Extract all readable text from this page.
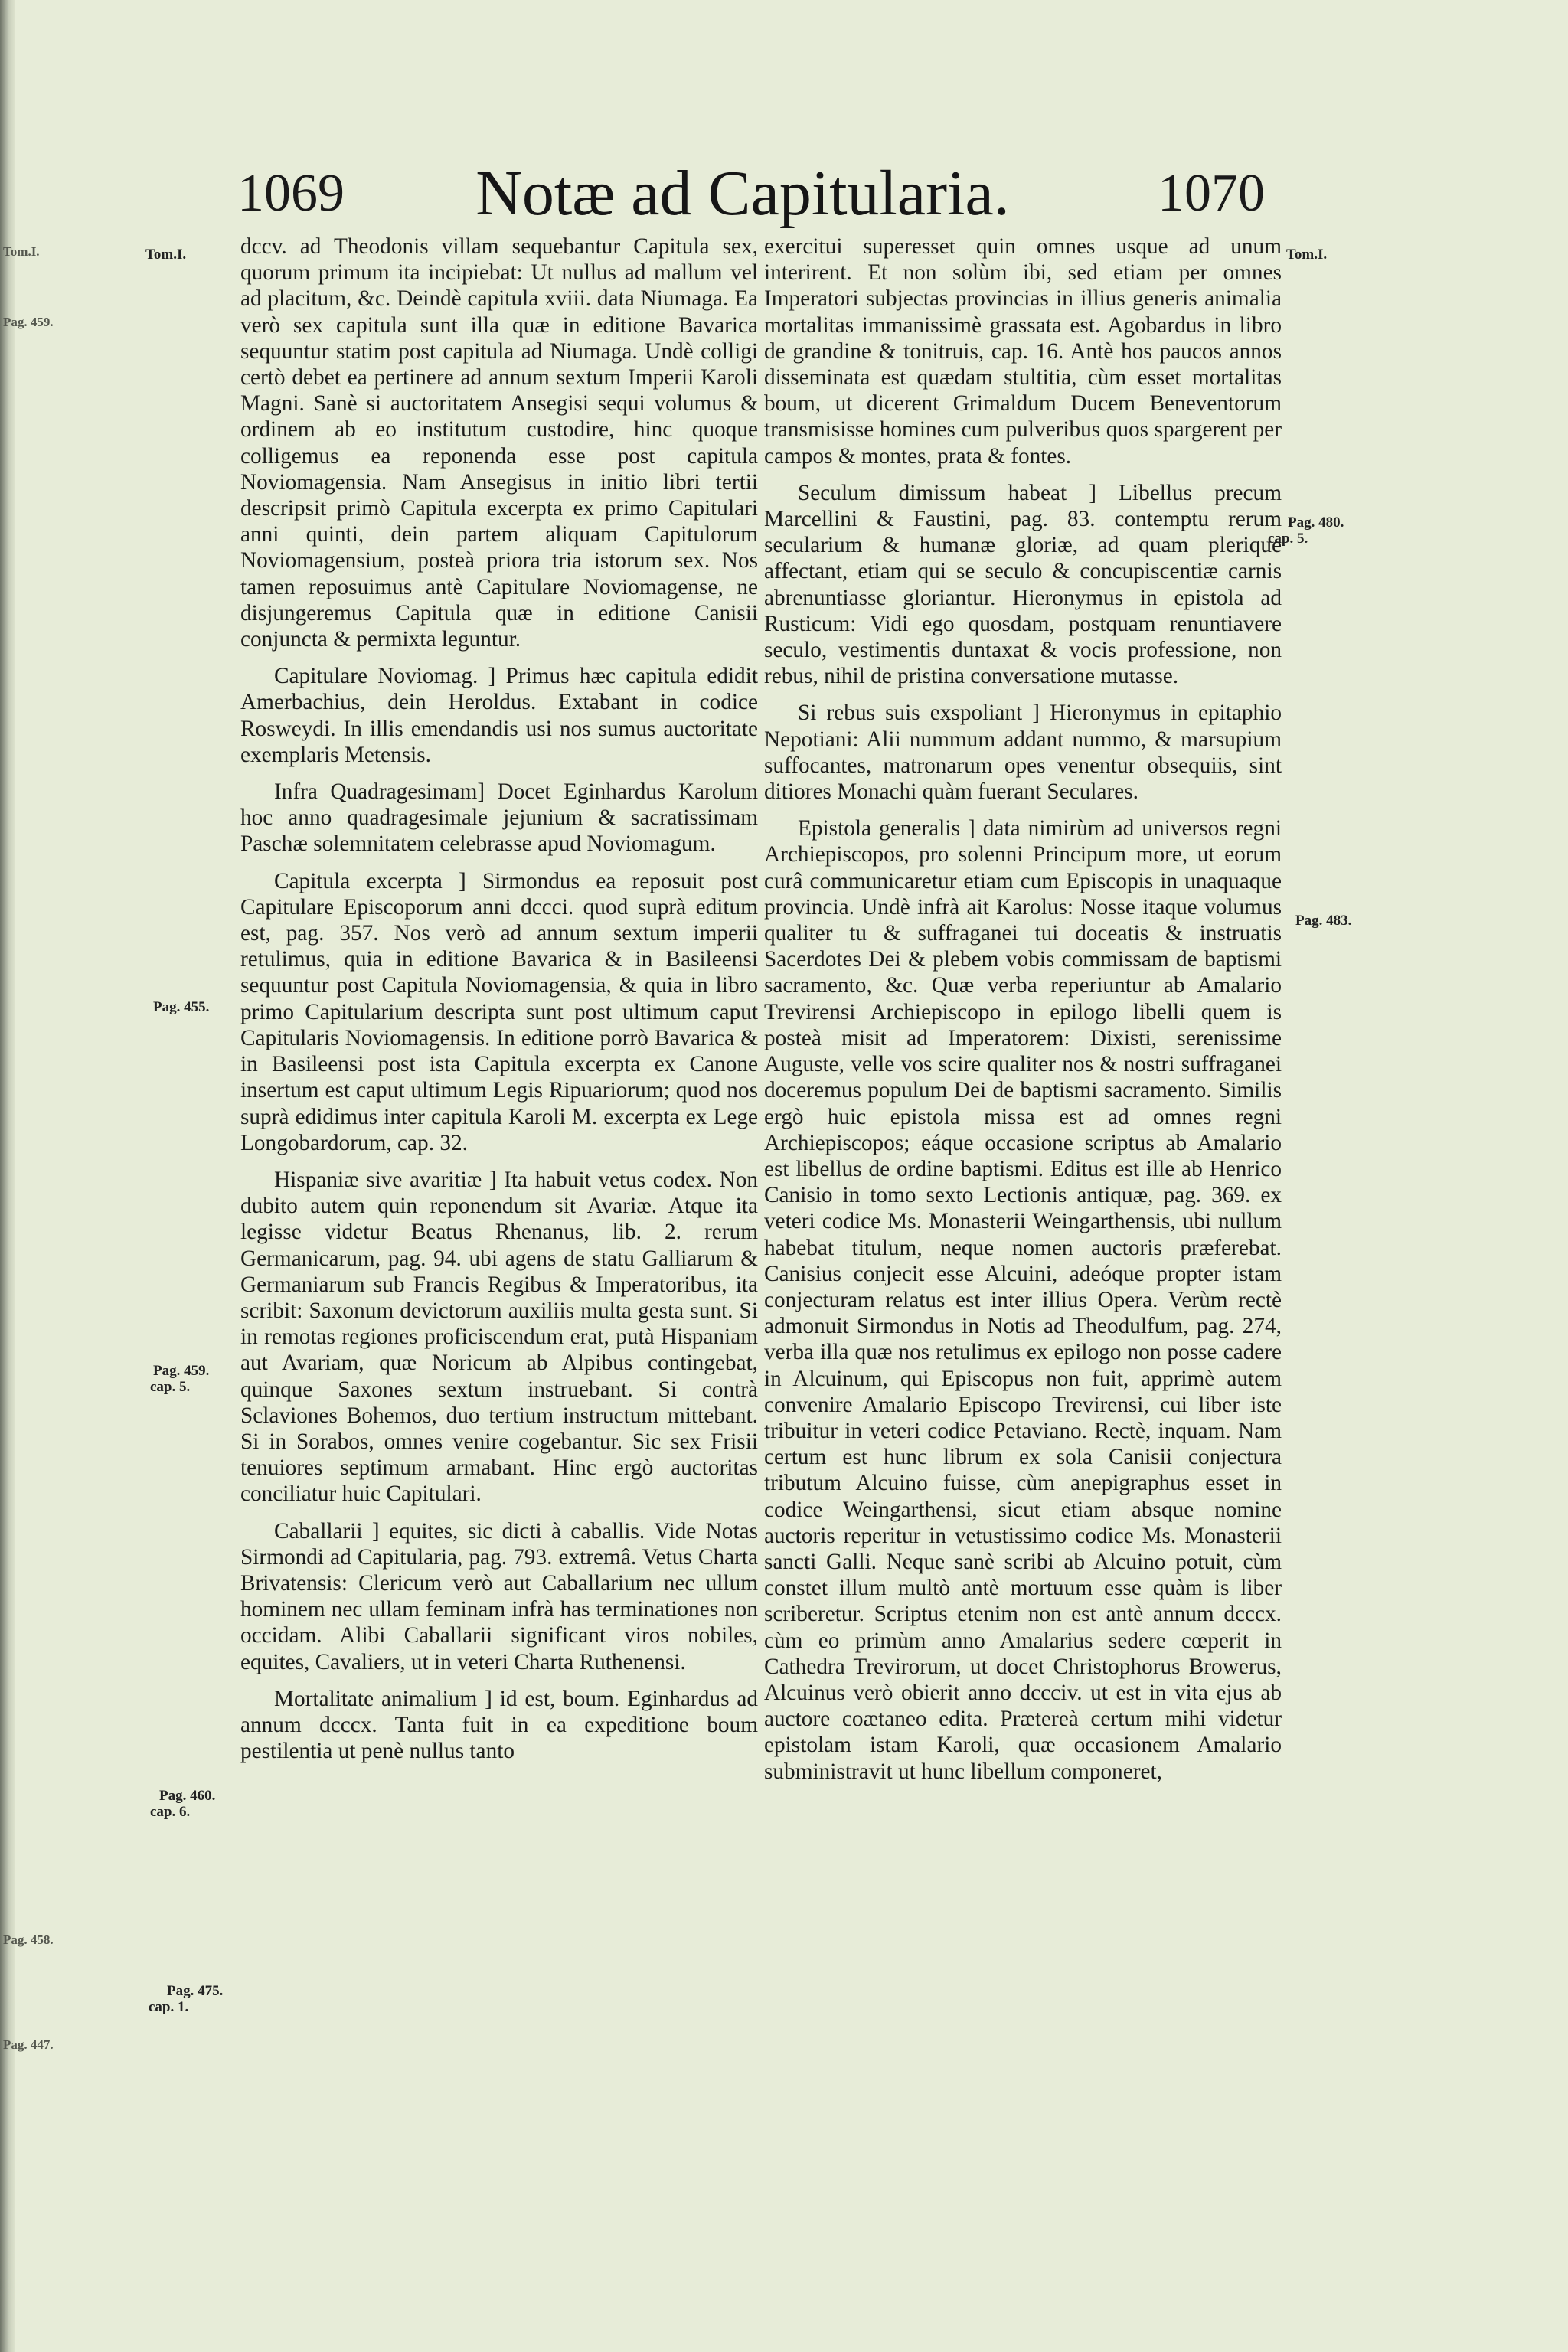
Tom.I.
Pag. 459.
Pag. 458.
Pag. 447.
1069 Notæ ad Capitularia.	1070
Tom.I.
Pag. 455.
Pag. 459.
cap. 5.
Pag. 460.
cap. 6.
Pag. 475.
cap. 1.
Tom.I.
Pag. 480.
cap. 5.
Pag. 483.

dccv. ad Theodonis villam sequebantur Capitula sex, quorum primum ita incipiebat: Ut nullus ad mallum vel ad placitum, &c. Deindè capitula xviii. data Niumaga. Ea verò sex capitula sunt illa quæ in editione Bavarica sequuntur statim post capitula ad Niumaga. Undè colligi certò debet ea pertinere ad annum sextum Imperii Karoli Magni. Sanè si auctoritatem Ansegisi sequi volumus & ordinem ab eo institutum custodire, hinc quoque colligemus ea reponenda esse post capitula Noviomagensia. Nam Ansegisus in initio libri tertii descripsit primò Capitula excerpta ex primo Capitulari anni quinti, dein partem aliquam Capitulorum Noviomagensium, posteà priora tria istorum sex. Nos tamen reposuimus antè Capitulare Noviomagense, ne disjungeremus Capitula quæ in editione Canisii conjuncta & permixta leguntur.

Capitulare Noviomag. ] Primus hæc capitula edidit Amerbachius, dein Heroldus. Extabant in codice Rosweydi. In illis emendandis usi nos sumus auctoritate exemplaris Metensis.

Infra Quadragesimam] Docet Eginhardus Karolum hoc anno quadragesimale jejunium & sacratissimam Paschæ solemnitatem celebrasse apud Noviomagum.

Capitula excerpta ] Sirmondus ea reposuit post Capitulare Episcoporum anni dccci. quod suprà editum est, pag. 357. Nos verò ad annum sextum imperii retulimus, quia in editione Bavarica & in Basileensi sequuntur post Capitula Noviomagensia, & quia in libro primo Capitularium descripta sunt post ultimum caput Capitularis Noviomagensis. In editione porrò Bavarica & in Basileensi post ista Capitula excerpta ex Canone insertum est caput ultimum Legis Ripuariorum; quod nos suprà edidimus inter capitula Karoli M. excerpta ex Lege Longobardorum, cap. 32.

Hispaniæ sive avaritiæ ] Ita habuit vetus codex. Non dubito autem quin reponendum sit Avariæ. Atque ita legisse videtur Beatus Rhenanus, lib. 2. rerum Germanicarum, pag. 94. ubi agens de statu Galliarum & Germaniarum sub Francis Regibus & Imperatoribus, ita scribit: Saxonum devictorum auxiliis multa gesta sunt. Si in remotas regiones proficiscendum erat, putà Hispaniam aut Avariam, quæ Noricum ab Alpibus contingebat, quinque Saxones sextum instruebant. Si contrà Sclaviones Bohemos, duo tertium instructum mittebant. Si in Sorabos, omnes venire cogebantur. Sic sex Frisii tenuiores septimum armabant. Hinc ergò auctoritas conciliatur huic Capitulari.

Caballarii ] equites, sic dicti à caballis. Vide Notas Sirmondi ad Capitularia, pag. 793. extremâ. Vetus Charta Brivatensis: Clericum verò aut Caballarium nec ullum hominem nec ullam feminam infrà has terminationes non occidam. Alibi Caballarii significant viros nobiles, equites, Cavaliers, ut in veteri Charta Ruthenensi.

Mortalitate animalium ] id est, boum. Eginhardus ad annum dcccx. Tanta fuit in ea expeditione boum pestilentia ut penè nullus tanto

exercitui superesset quin omnes usque ad unum interirent. Et non solùm ibi, sed etiam per omnes Imperatori subjectas provincias in illius generis animalia mortalitas immanissimè grassata est. Agobardus in libro de grandine & tonitruis, cap. 16. Antè hos paucos annos disseminata est quædam stultitia, cùm esset mortalitas boum, ut dicerent Grimaldum Ducem Beneventorum transmisisse homines cum pulveribus quos spargerent per campos & montes, prata & fontes.

Seculum dimissum habeat ] Libellus precum Marcellini & Faustini, pag. 83. contemptu rerum secularium & humanæ gloriæ, ad quam plerique affectant, etiam qui se seculo & concupiscentiæ carnis abrenuntiasse gloriantur. Hieronymus in epistola ad Rusticum: Vidi ego quosdam, postquam renuntiavere seculo, vestimentis duntaxat & vocis professione, non rebus, nihil de pristina conversatione mutasse.

Si rebus suis exspoliant ] Hieronymus in epitaphio Nepotiani: Alii nummum addant nummo, & marsupium suffocantes, matronarum opes venentur obsequiis, sint ditiores Monachi quàm fuerant Seculares.

Epistola generalis ] data nimirùm ad universos regni Archiepiscopos, pro solenni Principum more, ut eorum curâ communicaretur etiam cum Episcopis in unaquaque provincia. Undè infrà ait Karolus: Nosse itaque volumus qualiter tu & suffraganei tui doceatis & instruatis Sacerdotes Dei & plebem vobis commissam de baptismi sacramento, &c. Quæ verba reperiuntur ab Amalario Trevirensi Archiepiscopo in epilogo libelli quem is posteà misit ad Imperatorem: Dixisti, serenissime Auguste, velle vos scire qualiter nos & nostri suffraganei doceremus populum Dei de baptismi sacramento. Similis ergò huic epistola missa est ad omnes regni Archiepiscopos; eáque occasione scriptus ab Amalario est libellus de ordine baptismi. Editus est ille ab Henrico Canisio in tomo sexto Lectionis antiquæ, pag. 369. ex veteri codice Ms. Monasterii Weingarthensis, ubi nullum habebat titulum, neque nomen auctoris præferebat. Canisius conjecit esse Alcuini, adeóque propter istam conjecturam relatus est inter illius Opera. Verùm rectè admonuit Sirmondus in Notis ad Theodulfum, pag. 274, verba illa quæ nos retulimus ex epilogo non posse cadere in Alcuinum, qui Episcopus non fuit, apprimè autem convenire Amalario Episcopo Trevirensi, cui liber iste tribuitur in veteri codice Petaviano. Rectè, inquam. Nam certum est hunc librum ex sola Canisii conjectura tributum Alcuino fuisse, cùm anepigraphus esset in codice Weingarthensi, sicut etiam absque nomine auctoris reperitur in vetustissimo codice Ms. Monasterii sancti Galli. Neque sanè scribi ab Alcuino potuit, cùm constet illum multò antè mortuum esse quàm is liber scriberetur. Scriptus etenim non est antè annum dcccx. cùm eo primùm anno Amalarius sedere cœperit in Cathedra Trevirorum, ut docet Christophorus Browerus, Alcuinus verò obierit anno dccciv. ut est in vita ejus ab auctore coætaneo edita. Prætereà certum mihi videtur epistolam istam Karoli, quæ occasionem Amalario subministravit ut hunc libellum componeret,
